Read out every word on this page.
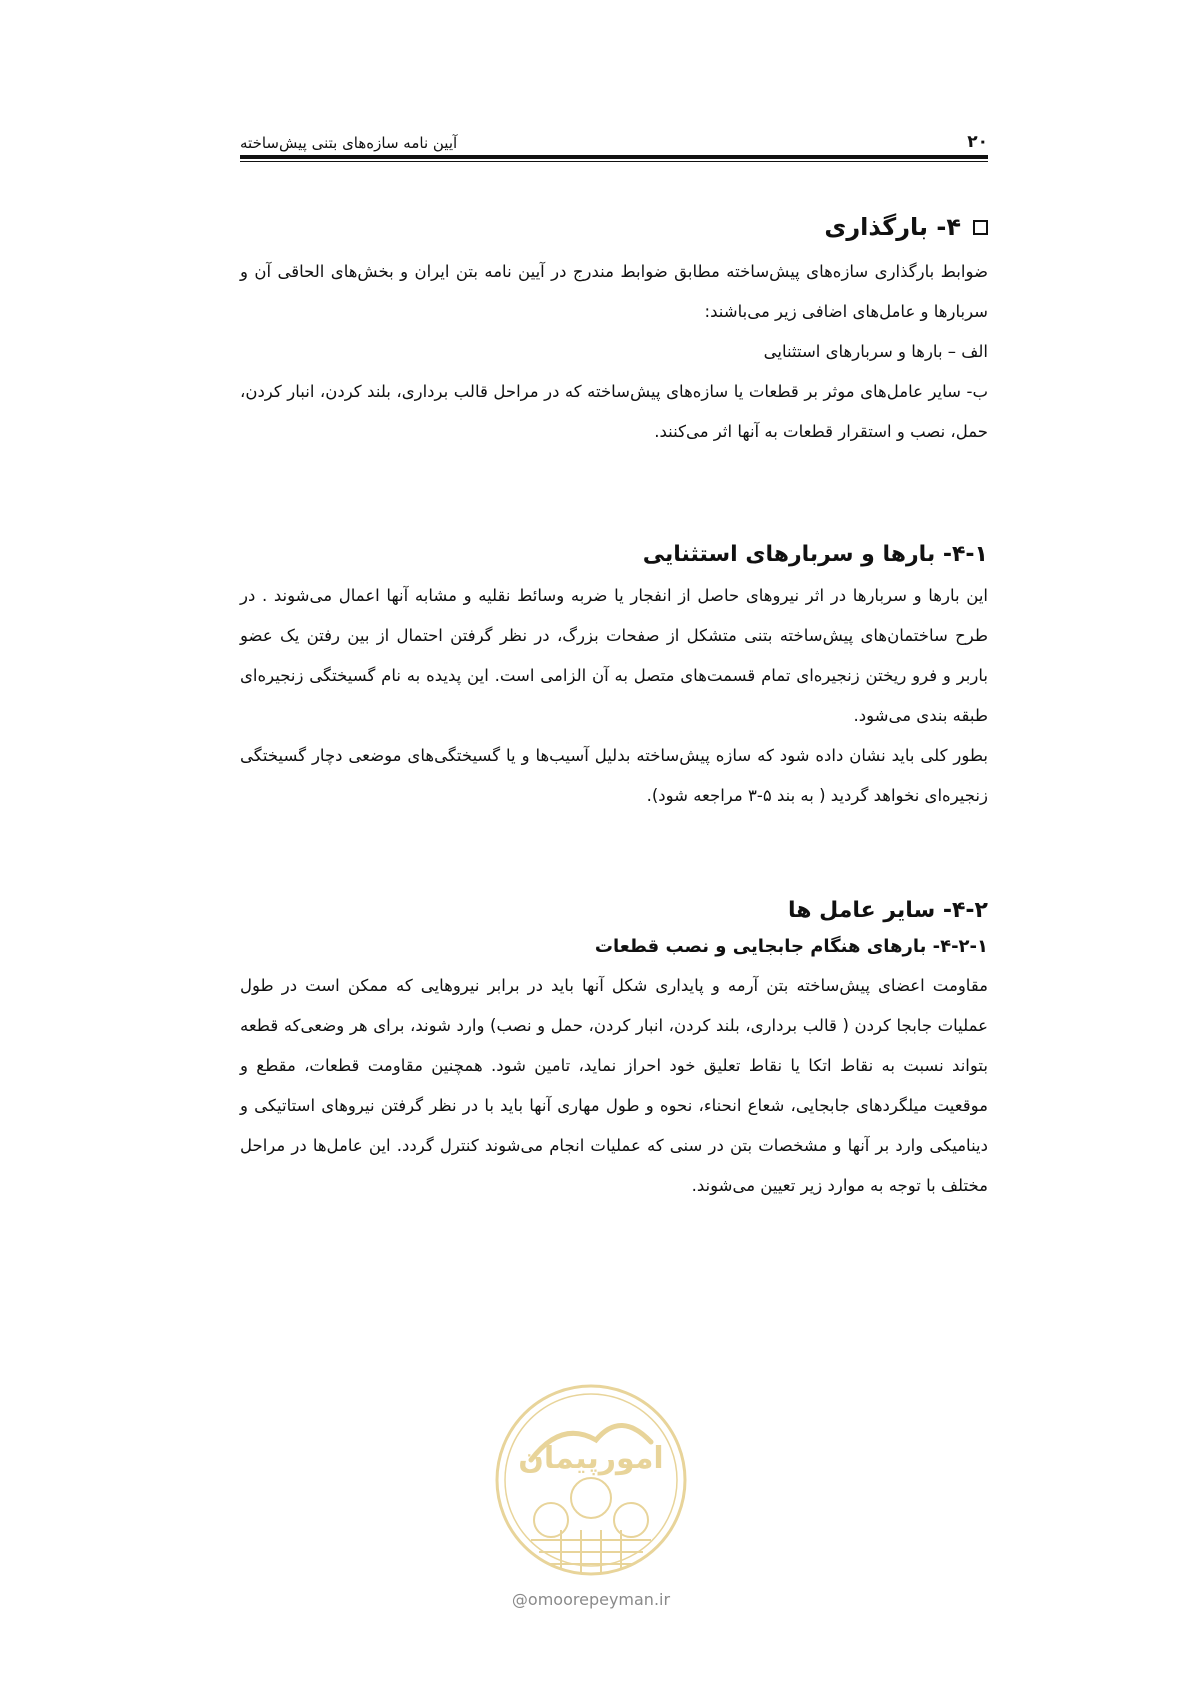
۲۰
آیین نامه سازه‌های بتنی پیش‌ساخته
۴- بارگذاری

ضوابط بارگذاری سازه‌های پیش‌ساخته مطابق ضوابط مندرج در آیین نامه بتن ایران و بخش‌های الحاقی آن و سربارها و عامل‌های اضافی زیر می‌باشند:

الف – بارها و سربارهای استثنایی

ب- سایر عامل‌های موثر بر قطعات یا سازه‌های پیش‌ساخته که در مراحل قالب برداری، بلند کردن، انبار کردن، حمل، نصب و استقرار قطعات به آنها اثر می‌کنند.

۴-۱- بارها و سربارهای استثنایی

این بارها و سربارها در اثر نیروهای حاصل از انفجار یا ضربه وسائط نقلیه و مشابه آنها اعمال می‌شوند . در طرح ساختمان‌های پیش‌ساخته بتنی متشکل از صفحات بزرگ، در نظر گرفتن احتمال از بین رفتن یک عضو باربر و فرو ریختن زنجیره‌ای تمام قسمت‌های متصل به آن الزامی است. این پدیده به نام گسیختگی زنجیره‌ای طبقه بندی می‌شود.

بطور کلی باید نشان داده شود که سازه پیش‌ساخته بدلیل آسیب‌ها و یا گسیختگی‌های موضعی دچار گسیختگی زنجیره‌ای نخواهد گردید ( به بند ۵-۳ مراجعه شود).

۴-۲- سایر عامل ها
۴-۲-۱- بارهای هنگام جابجایی و نصب قطعات

مقاومت اعضای پیش‌ساخته بتن آرمه و پایداری شکل آنها باید در برابر نیروهایی که ممکن است در طول عملیات جابجا کردن ( قالب برداری، بلند کردن، انبار کردن، حمل و نصب) وارد شوند، برای هر وضعی‌که قطعه بتواند نسبت به نقاط اتکا یا نقاط تعلیق خود احراز نماید، تامین شود. همچنین مقاومت قطعات، مقطع و موقعیت میلگردهای جابجایی، شعاع انحناء، نحوه و طول مهاری آنها باید با در نظر گرفتن نیروهای استاتیکی و دینامیکی وارد بر آنها و مشخصات بتن در سنی که عملیات انجام می‌شوند کنترل گردد. این عامل‌ها در مراحل مختلف با توجه به موارد زیر تعیین می‌شوند.

امورپیمان
@omoorepeyman.ir
